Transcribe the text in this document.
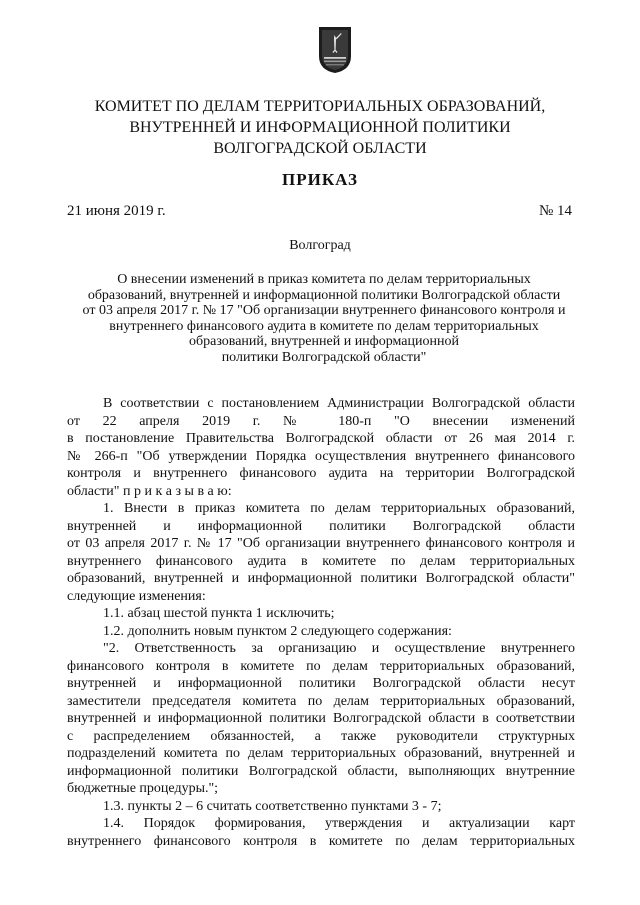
КОМИТЕТ ПО ДЕЛАМ ТЕРРИТОРИАЛЬНЫХ ОБРАЗОВАНИЙ,
ВНУТРЕННЕЙ И ИНФОРМАЦИОННОЙ ПОЛИТИКИ
ВОЛГОГРАДСКОЙ ОБЛАСТИ
ПРИКАЗ
21 июня 2019 г.	№ 14
Волгоград
О внесении изменений в приказ комитета по делам территориальных
образований, внутренней и информационной политики Волгоградской области
от 03 апреля 2017 г. № 17 "Об организации внутреннего финансового контроля и
внутреннего финансового аудита в комитете по делам территориальных
образований, внутренней и информационной
политики Волгоградской области"
В соответствии с постановлением Администрации Волгоградской области
от 22 апреля 2019 г. № 180-п "О внесении изменений
в постановление Правительства Волгоградской области от 26 мая 2014 г.
№ 266-п "Об утверждении Порядка осуществления внутреннего финансового
контроля и внутреннего финансового аудита на территории Волгоградской
области" п р и к а з ы в а ю:
1. Внести в приказ комитета по делам территориальных образований,
внутренней и информационной политики Волгоградской области
от 03 апреля 2017 г. № 17 "Об организации внутреннего финансового контроля и
внутреннего финансового аудита в комитете по делам территориальных
образований, внутренней и информационной политики Волгоградской области"
следующие изменения:
1.1. абзац шестой пункта 1 исключить;
1.2. дополнить новым пунктом 2 следующего содержания:
"2. Ответственность за организацию и осуществление внутреннего
финансового контроля в комитете по делам территориальных образований,
внутренней и информационной политики Волгоградской области несут
заместители председателя комитета по делам территориальных образований,
внутренней и информационной политики Волгоградской области в соответствии
с распределением обязанностей, а также руководители структурных
подразделений комитета по делам территориальных образований, внутренней и
информационной политики Волгоградской области, выполняющих внутренние
бюджетные процедуры.";
1.3. пункты 2 – 6 считать соответственно пунктами 3 - 7;
1.4. Порядок формирования, утверждения и актуализации карт
внутреннего финансового контроля в комитете по делам территориальных
